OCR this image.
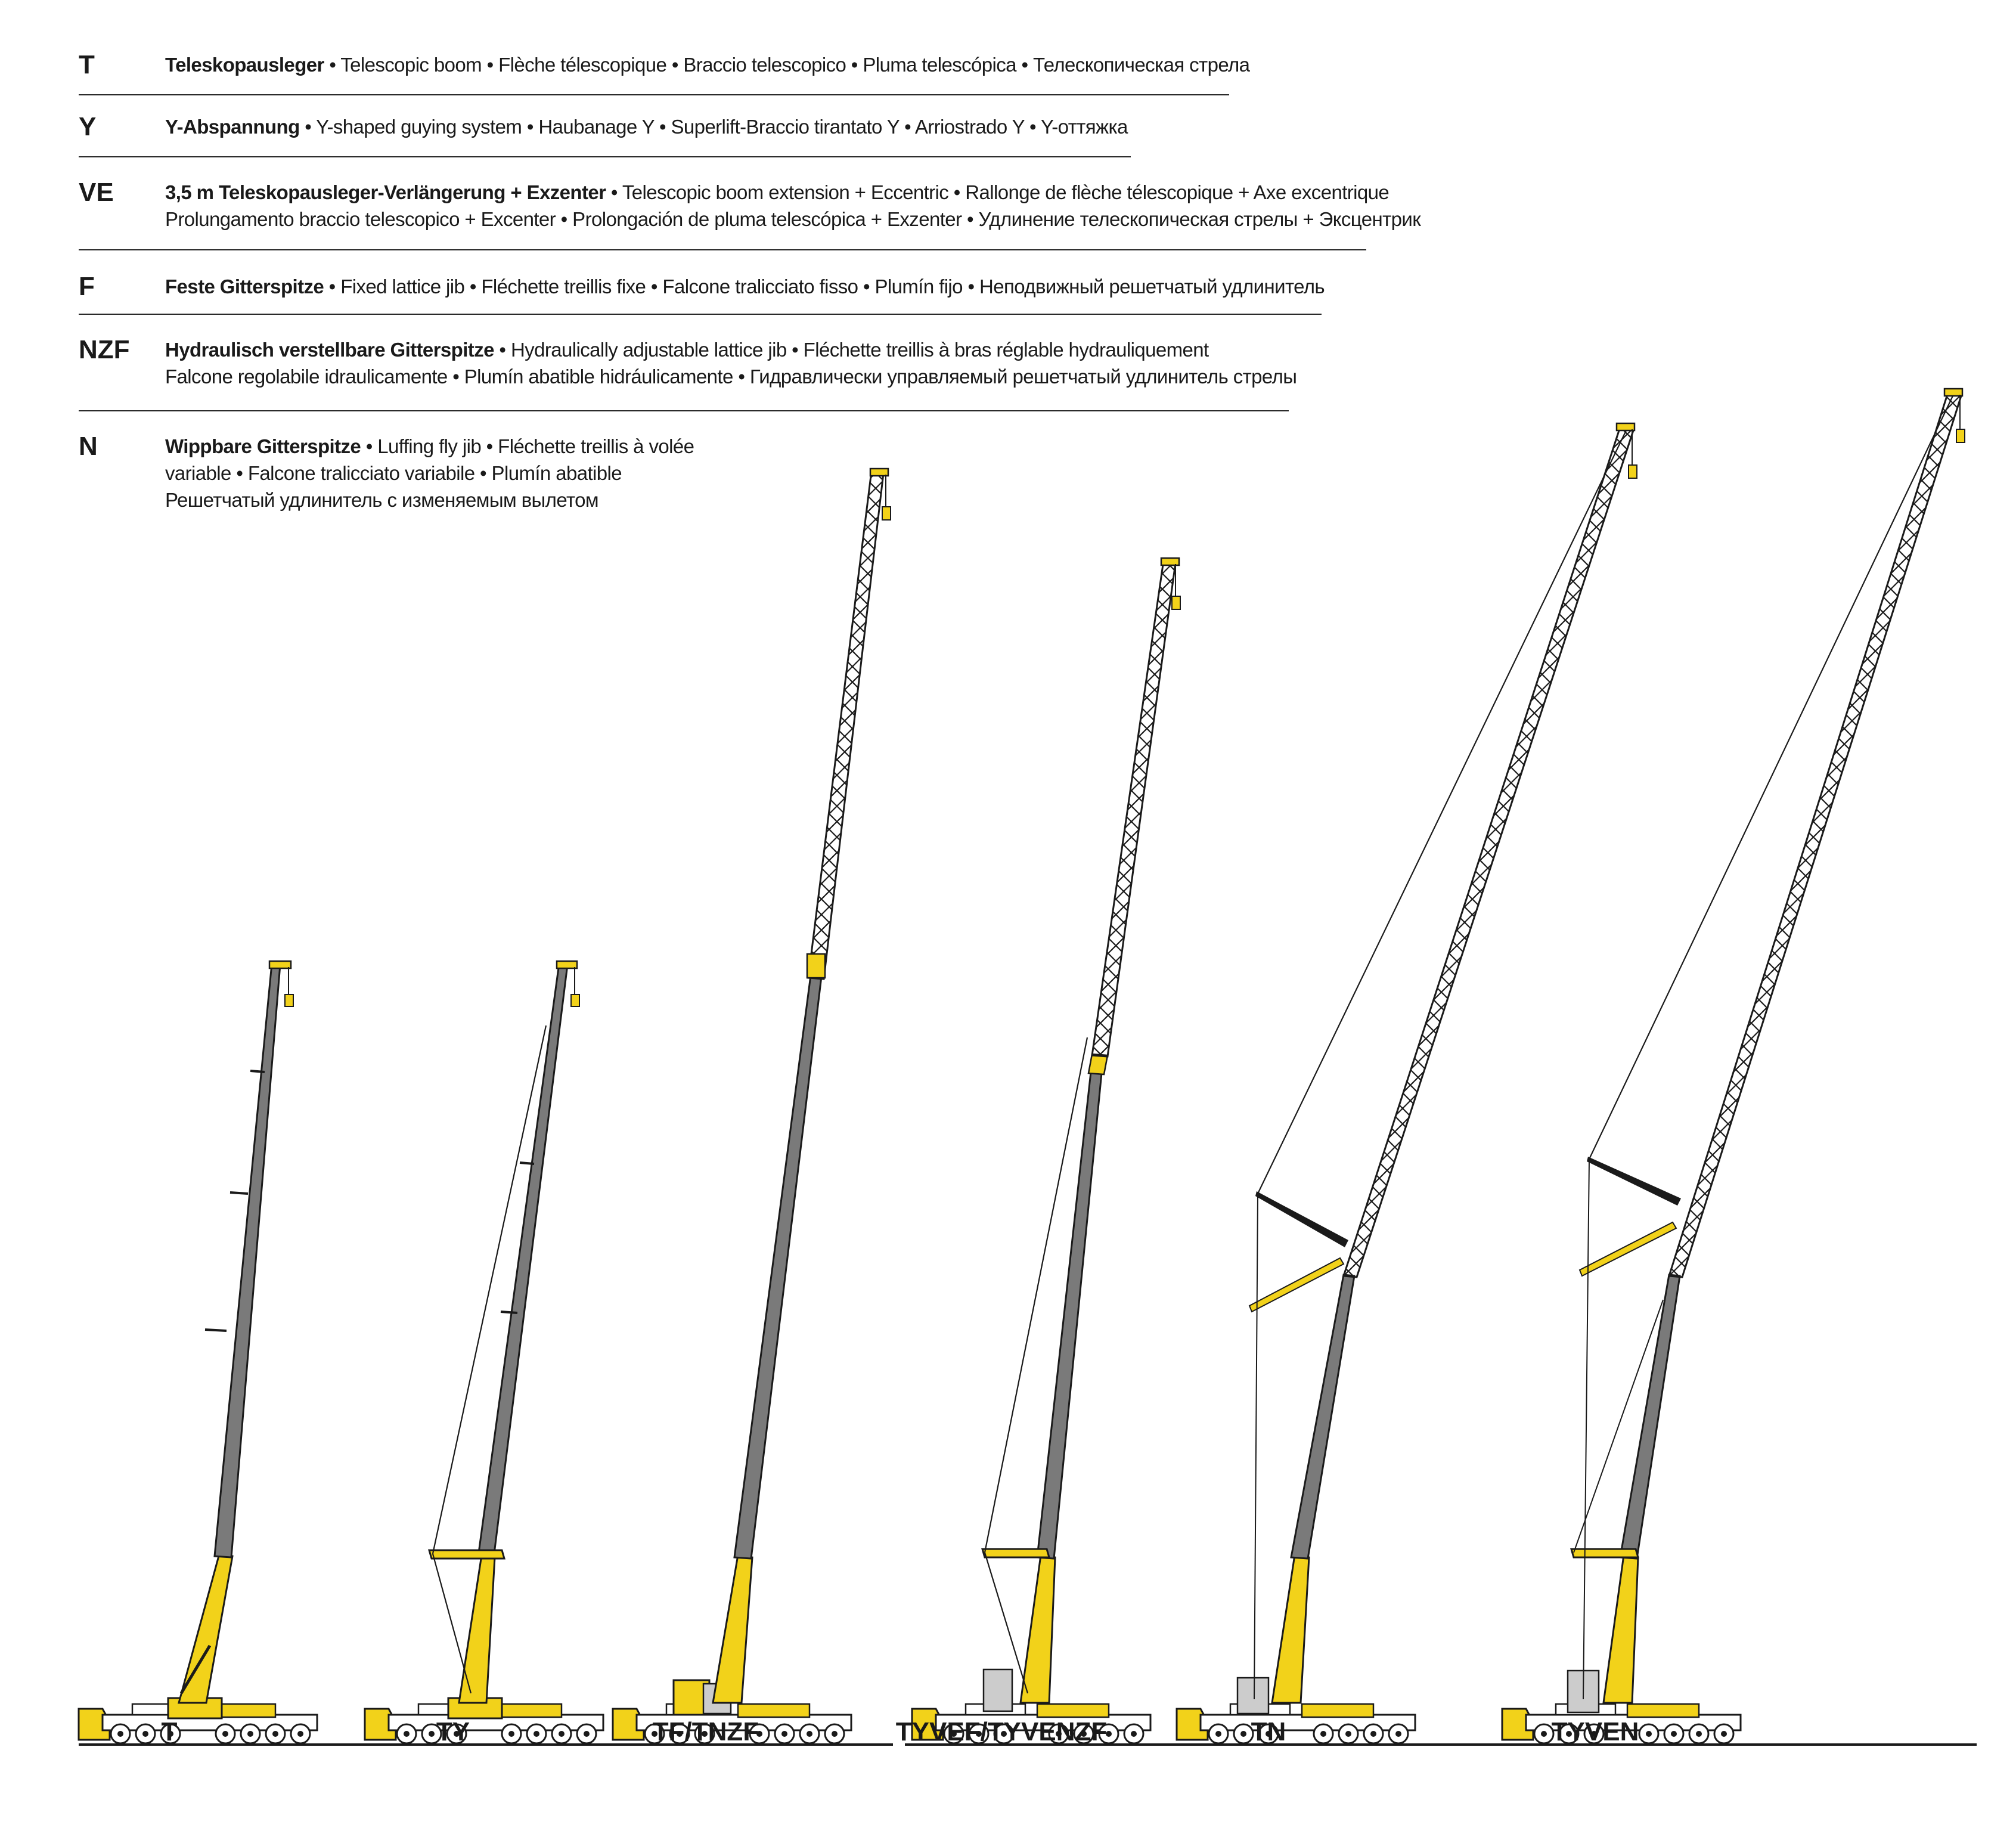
T	Teleskopausleger • Telescopic boom • Flèche télescopique • Braccio telescopico • Pluma telescópica • Телескопическая стрела
Y	Y-Abspannung • Y-shaped guying system • Haubanage Y • Superlift-Braccio tirantato Y • Arriostrado Y • Y-оттяжка
VE	3,5 m Teleskopausleger-Verlängerung + Exzenter • Telescopic boom extension + Eccentric • Rallonge de flèche télescopique + Axe excentrique
Prolungamento braccio telescopico + Excenter • Prolongación de pluma telescópica + Exzenter • Удлинение телескопическая стрелы + Эксцентрик
F	Feste Gitterspitze • Fixed lattice jib • Fléchette treillis fixe • Falcone tralicciato fisso • Plumín fijo • Неподвижный решетчатый удлинитель
NZF Hydraulisch verstellbare Gitterspitze • Hydraulically adjustable lattice jib • Fléchette treillis à bras réglable hydrauliquement
Falcone regolabile idraulicamente • Plumín abatible hidráulicamente • Гидравлически управляемый решетчатый удлинитель стрелы
N	Wippbare Gitterspitze • Luffing fly jib • Fléchette treillis à volée
variable • Falcone tralicciato variabile • Plumín abatible
Решетчатый удлинитель с изменяемым вылетом
T	TY	TF/TNZF	TYVEF/TYVENZF	TN	TYVEN
